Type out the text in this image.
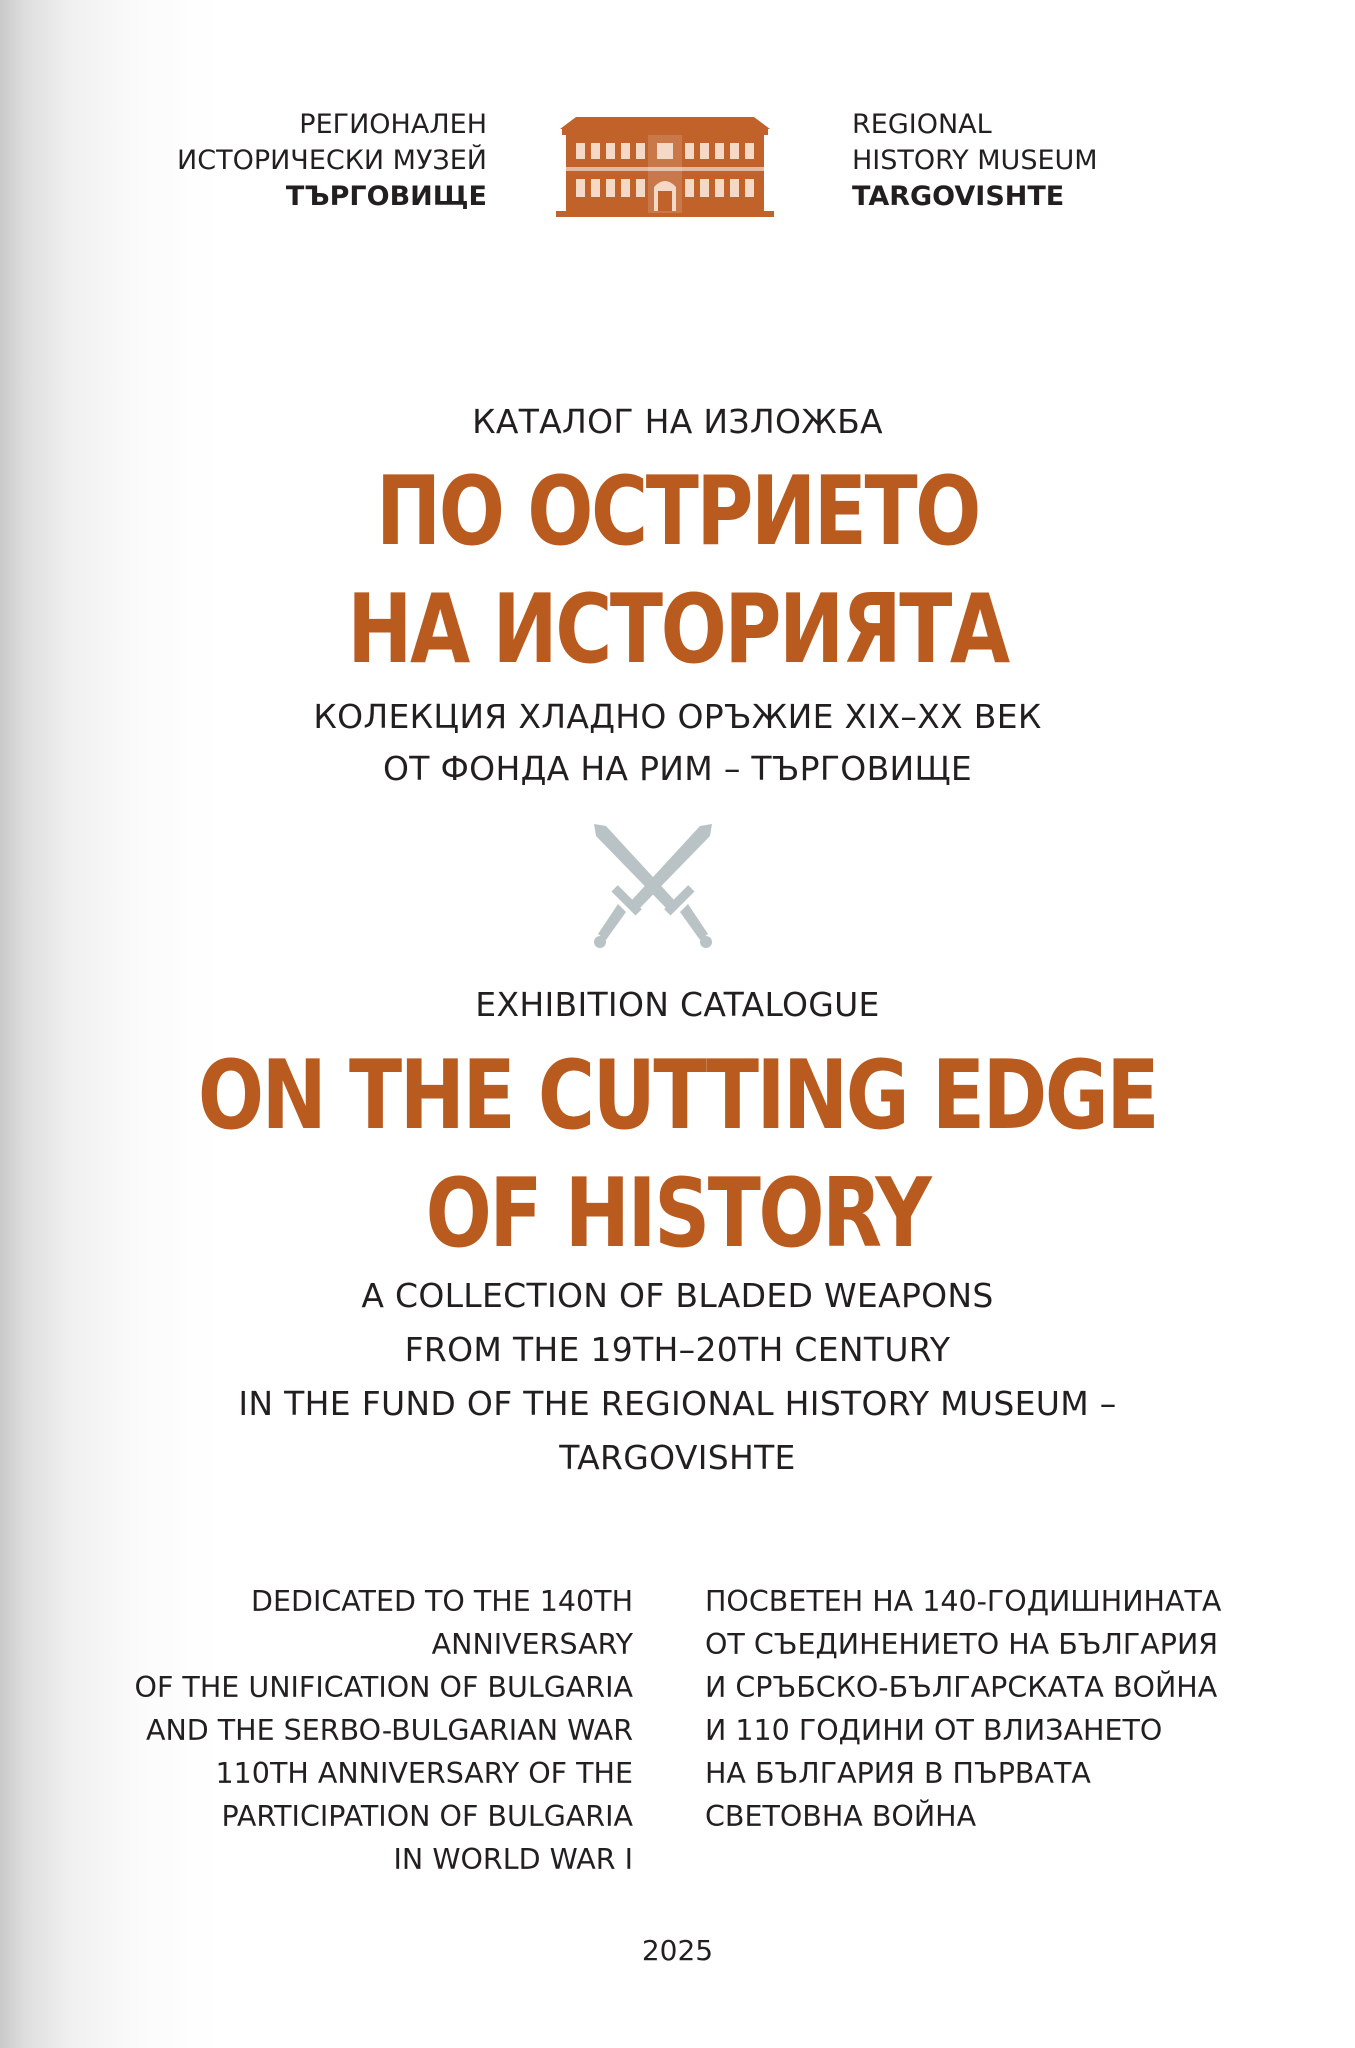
РЕГИОНАЛЕН
ИСТОРИЧЕСКИ МУЗЕЙ
ТЪРГОВИЩЕ
REGIONAL
HISTORY MUSEUM
TARGOVISHTE
КАТАЛОГ НА ИЗЛОЖБА
ПО ОСТРИЕТО
НА ИСТОРИЯТА
КОЛЕКЦИЯ ХЛАДНО ОРЪЖИЕ XIX–XX ВЕК
ОТ ФОНДА НА РИМ – ТЪРГОВИЩЕ
EXHIBITION CATALOGUE
ON THE CUTTING EDGE
OF HISTORY
A COLLECTION OF BLADED WEAPONS
FROM THE 19TH–20TH CENTURY
IN THE FUND OF THE REGIONAL HISTORY MUSEUM –
TARGOVISHTE
DEDICATED TO THE 140TH ANNIVERSARY
OF THE UNIFICATION OF BULGARIA
AND THE SERBO-BULGARIAN WAR
110TH ANNIVERSARY OF THE
PARTICIPATION OF BULGARIA
IN WORLD WAR I
ПОСВЕТЕН НА 140-ГОДИШНИНАТА
ОТ СЪЕДИНЕНИЕТО НА БЪЛГАРИЯ
И СРЪБСКО-БЪЛГАРСКАТА ВОЙНА
И 110 ГОДИНИ ОТ ВЛИЗАНЕТО
НА БЪЛГАРИЯ В ПЪРВАТА
СВЕТОВНА ВОЙНА
2025
